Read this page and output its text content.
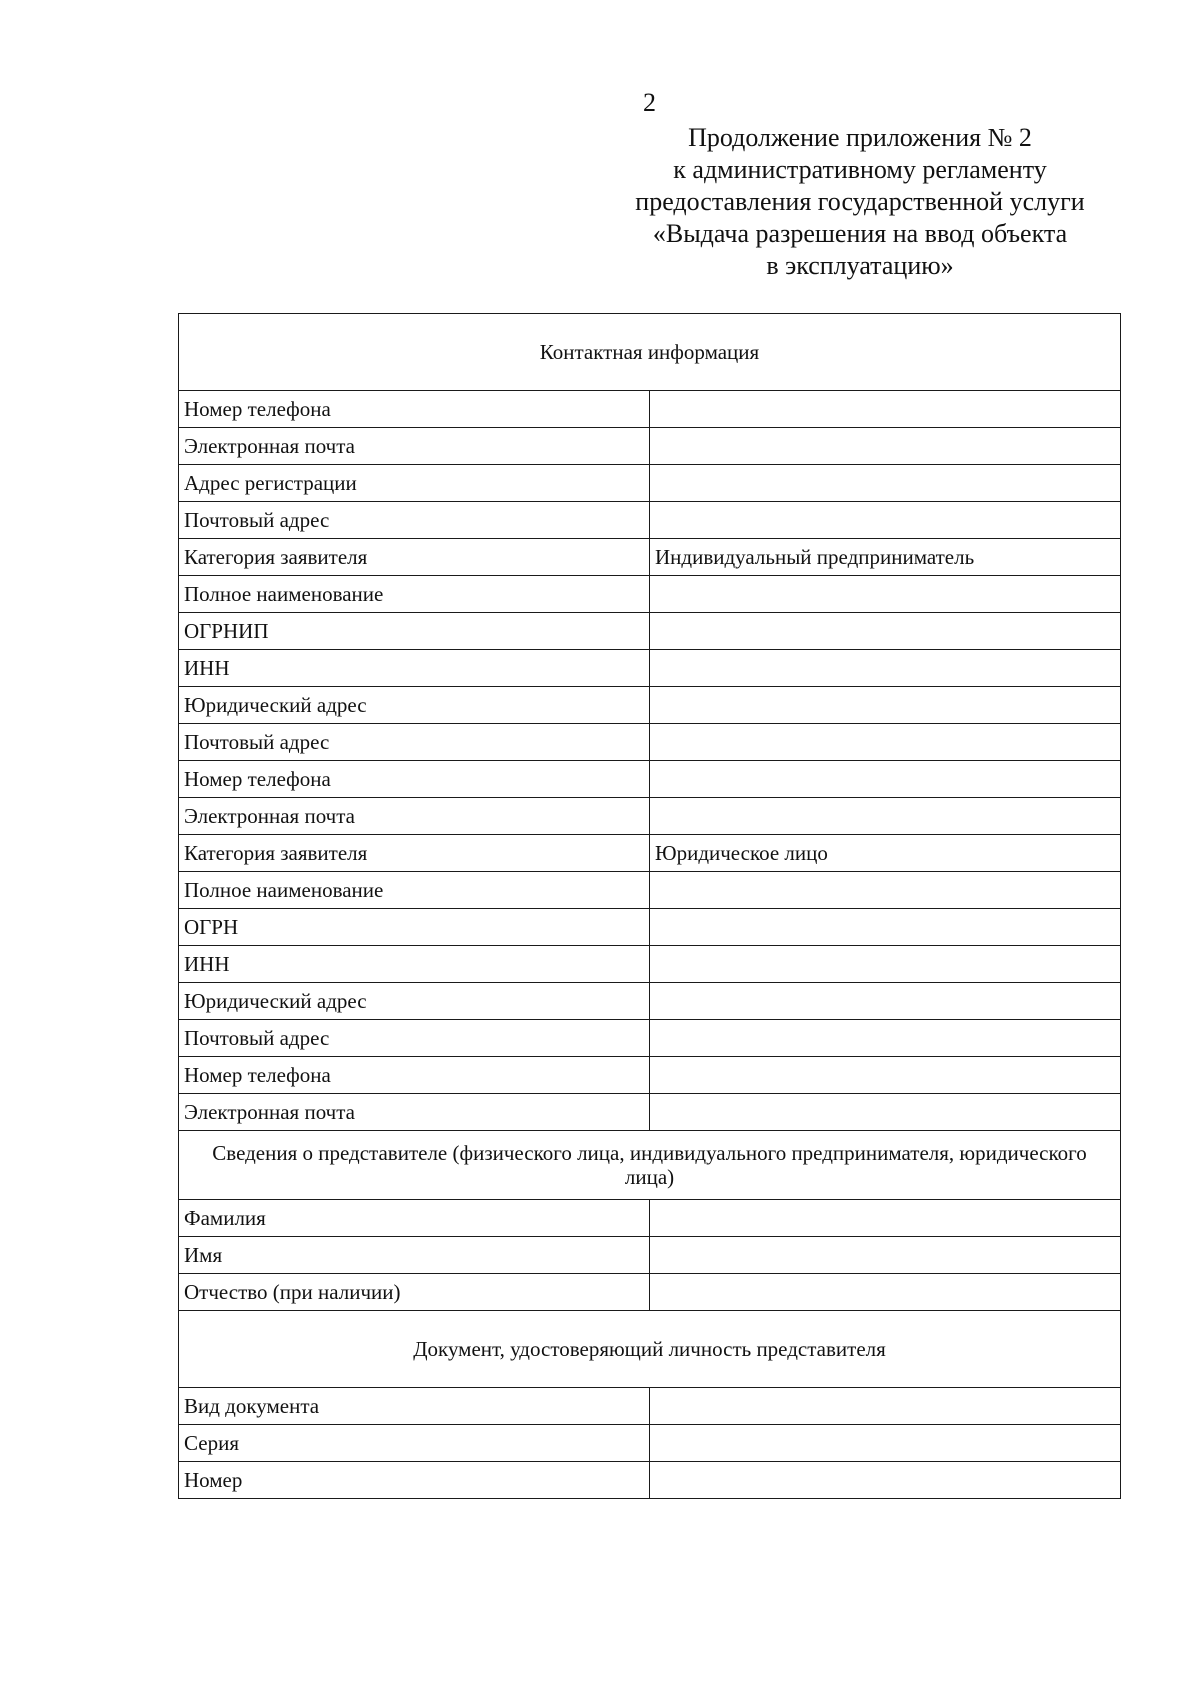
2
Продолжение приложения № 2
к административному регламенту
предоставления государственной услуги
«Выдача разрешения на ввод объекта
в эксплуатацию»
Контактная информация	
Номер телефона	
Электронная почта	
Адрес регистрации	
Почтовый адрес	
Категория заявителя	Индивидуальный предприниматель
Полное наименование	
ОГРНИП	
ИНН	
Юридический адрес	
Почтовый адрес	
Номер телефона	
Электронная почта	
Категория заявителя	Юридическое лицо
Полное наименование	
ОГРН	
ИНН	
Юридический адрес	
Почтовый адрес	
Номер телефона	
Электронная почта	
Сведения о представителе (физического лица, индивидуального предпринимателя, юридического лица)	
Фамилия	
Имя	
Отчество (при наличии)	
Документ, удостоверяющий личность представителя	
Вид документа	
Серия	
Номер	
